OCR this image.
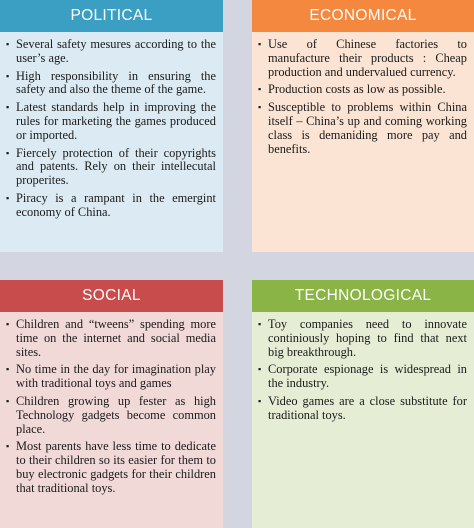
POLITICAL
▪ Several safety mesures according to the user’s age.
▪ High responsibility in ensuring the safety and also the theme of the game.
▪ Latest standards help in improving the rules for marketing the games produced or imported.
▪ Fiercely protection of their copyrights and patents. Rely on their intellecutal properites.
▪ Piracy is a rampant in the emergint economy of China.
ECONOMICAL
▪ Use of Chinese factories to manufacture their products : Cheap production and undervalued currency.
▪ Production costs as low as possible.
▪ Susceptible to problems within China itself – China’s up and coming working class is demaniding more pay and benefits.
SOCIAL
▪ Children and “tweens” spending more time on the internet and social media sites.
▪ No time in the day for imagination play with traditional toys and games
▪ Children growing up fester as high Technology gadgets become common place.
▪ Most parents have less time to dedicate to their children so its easier for them to buy electronic gadgets for their children that traditional toys.
TECHNOLOGICAL
▪ Toy companies need to innovate continiously hoping to find that next big breakthrough.
▪ Corporate espionage is widespread in the industry.
▪ Video games are a close substitute for traditional toys.
